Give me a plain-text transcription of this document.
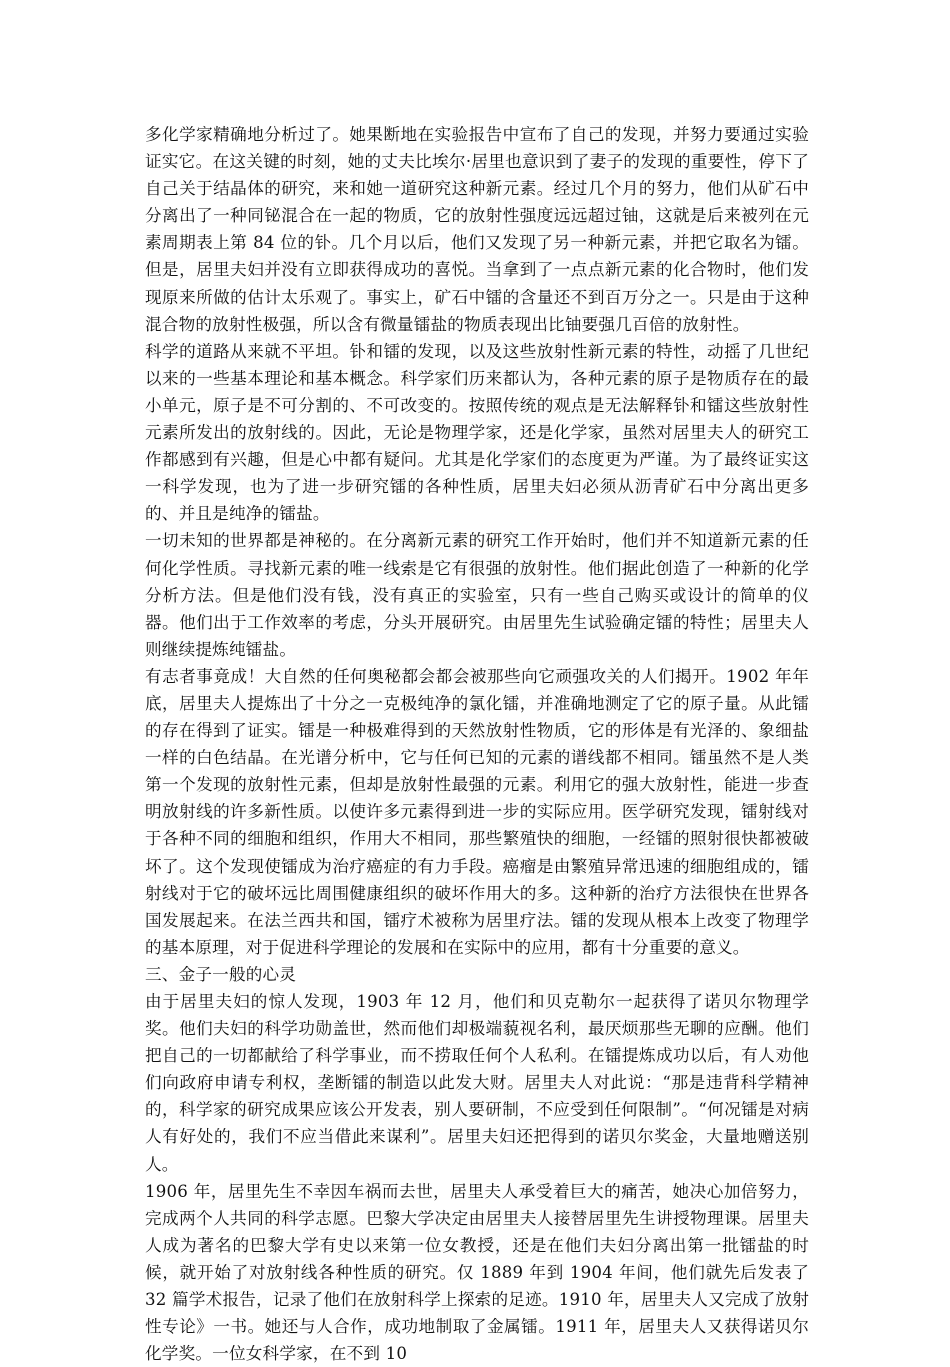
多化学家精确地分析过了。她果断地在实验报告中宣布了自己的发现，并努力要通过实验证实它。在这关键的时刻，她的丈夫比埃尔·居里也意识到了妻子的发现的重要性，停下了自己关于结晶体的研究，来和她一道研究这种新元素。经过几个月的努力，他们从矿石中分离出了一种同铋混合在一起的物质，它的放射性强度远远超过铀，这就是后来被列在元素周期表上第 84 位的钋。几个月以后，他们又发现了另一种新元素，并把它取名为镭。但是，居里夫妇并没有立即获得成功的喜悦。当拿到了一点点新元素的化合物时，他们发现原来所做的估计太乐观了。事实上，矿石中镭的含量还不到百万分之一。只是由于这种混合物的放射性极强，所以含有微量镭盐的物质表现出比铀要强几百倍的放射性。

科学的道路从来就不平坦。钋和镭的发现，以及这些放射性新元素的特性，动摇了几世纪以来的一些基本理论和基本概念。科学家们历来都认为，各种元素的原子是物质存在的最小单元，原子是不可分割的、不可改变的。按照传统的观点是无法解释钋和镭这些放射性元素所发出的放射线的。因此，无论是物理学家，还是化学家，虽然对居里夫人的研究工作都感到有兴趣，但是心中都有疑问。尤其是化学家们的态度更为严谨。为了最终证实这一科学发现，也为了进一步研究镭的各种性质，居里夫妇必须从沥青矿石中分离出更多的、并且是纯净的镭盐。

一切未知的世界都是神秘的。在分离新元素的研究工作开始时，他们并不知道新元素的任何化学性质。寻找新元素的唯一线索是它有很强的放射性。他们据此创造了一种新的化学分析方法。但是他们没有钱，没有真正的实验室，只有一些自己购买或设计的简单的仪器。他们出于工作效率的考虑，分头开展研究。由居里先生试验确定镭的特性；居里夫人则继续提炼纯镭盐。

有志者事竟成！大自然的任何奥秘都会都会被那些向它顽强攻关的人们揭开。1902 年年底，居里夫人提炼出了十分之一克极纯净的氯化镭，并准确地测定了它的原子量。从此镭的存在得到了证实。镭是一种极难得到的天然放射性物质，它的形体是有光泽的、象细盐一样的白色结晶。在光谱分析中，它与任何已知的元素的谱线都不相同。镭虽然不是人类第一个发现的放射性元素，但却是放射性最强的元素。利用它的强大放射性，能进一步查明放射线的许多新性质。以使许多元素得到进一步的实际应用。医学研究发现，镭射线对于各种不同的细胞和组织，作用大不相同，那些繁殖快的细胞，一经镭的照射很快都被破坏了。这个发现使镭成为治疗癌症的有力手段。癌瘤是由繁殖异常迅速的细胞组成的，镭射线对于它的破坏远比周围健康组织的破坏作用大的多。这种新的治疗方法很快在世界各国发展起来。在法兰西共和国，镭疗术被称为居里疗法。镭的发现从根本上改变了物理学的基本原理，对于促进科学理论的发展和在实际中的应用，都有十分重要的意义。

三、金子一般的心灵

由于居里夫妇的惊人发现，1903 年 12 月，他们和贝克勒尔一起获得了诺贝尔物理学奖。他们夫妇的科学功勋盖世，然而他们却极端藐视名利，最厌烦那些无聊的应酬。他们把自己的一切都献给了科学事业，而不捞取任何个人私利。在镭提炼成功以后，有人劝他们向政府申请专利权，垄断镭的制造以此发大财。居里夫人对此说：“那是违背科学精神的，科学家的研究成果应该公开发表，别人要研制，不应受到任何限制”。“何况镭是对病人有好处的，我们不应当借此来谋利”。居里夫妇还把得到的诺贝尔奖金，大量地赠送别人。

1906 年，居里先生不幸因车祸而去世，居里夫人承受着巨大的痛苦，她决心加倍努力，完成两个人共同的科学志愿。巴黎大学决定由居里夫人接替居里先生讲授物理课。居里夫人成为著名的巴黎大学有史以来第一位女教授，还是在他们夫妇分离出第一批镭盐的时候，就开始了对放射线各种性质的研究。仅 1889 年到 1904 年间，他们就先后发表了 32 篇学术报告，记录了他们在放射科学上探索的足迹。1910 年，居里夫人又完成了放射性专论》一书。她还与人合作，成功地制取了金属镭。1911 年，居里夫人又获得诺贝尔化学奖。一位女科学家，在不到 10
